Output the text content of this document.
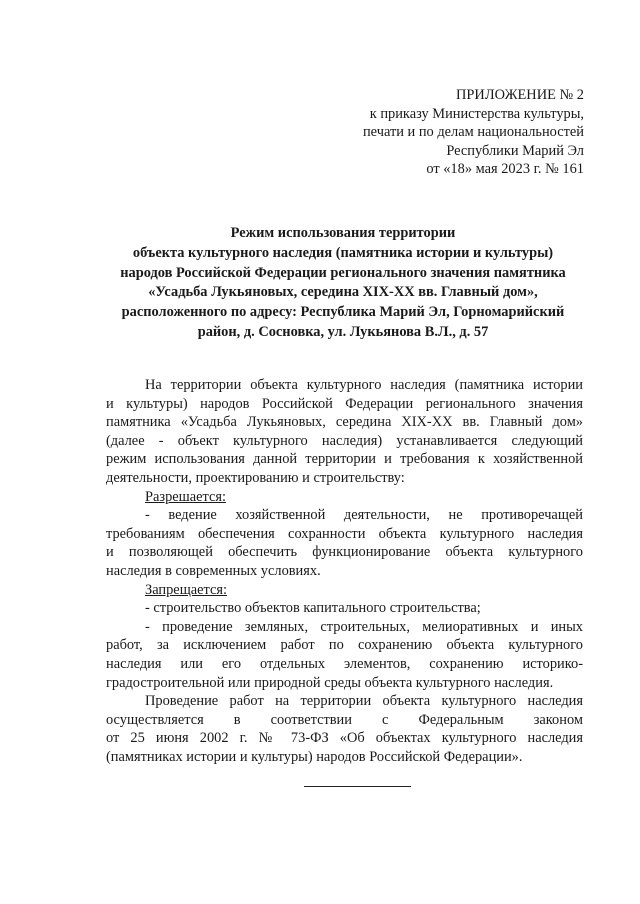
ПРИЛОЖЕНИЕ № 2
к приказу Министерства культуры,
печати и по делам национальностей
Республики Марий Эл
от «18» мая 2023 г. № 161
Режим использования территории
объекта культурного наследия (памятника истории и культуры)
народов Российской Федерации регионального значения памятника
«Усадьба Лукьяновых, середина XIX-XX вв. Главный дом»,
расположенного по адресу: Республика Марий Эл, Горномарийский
район, д. Сосновка, ул. Лукьянова В.Л., д. 57
На территории объекта культурного наследия (памятника истории
и культуры) народов Российской Федерации регионального значения
памятника «Усадьба Лукьяновых, середина XIX-XX вв. Главный дом»
(далее - объект культурного наследия) устанавливается следующий
режим использования данной территории и требования к хозяйственной
деятельности, проектированию и строительству:
Разрешается:
- ведение хозяйственной деятельности, не противоречащей
требованиям обеспечения сохранности объекта культурного наследия
и позволяющей обеспечить функционирование объекта культурного
наследия в современных условиях.
Запрещается:
- строительство объектов капитального строительства;
- проведение земляных, строительных, мелиоративных и иных
работ, за исключением работ по сохранению объекта культурного
наследия или его отдельных элементов, сохранению историко-
градостроительной или природной среды объекта культурного наследия.
Проведение работ на территории объекта культурного наследия
осуществляется в соответствии с Федеральным законом
от 25 июня 2002 г. № 73-ФЗ «Об объектах культурного наследия
(памятниках истории и культуры) народов Российской Федерации».
